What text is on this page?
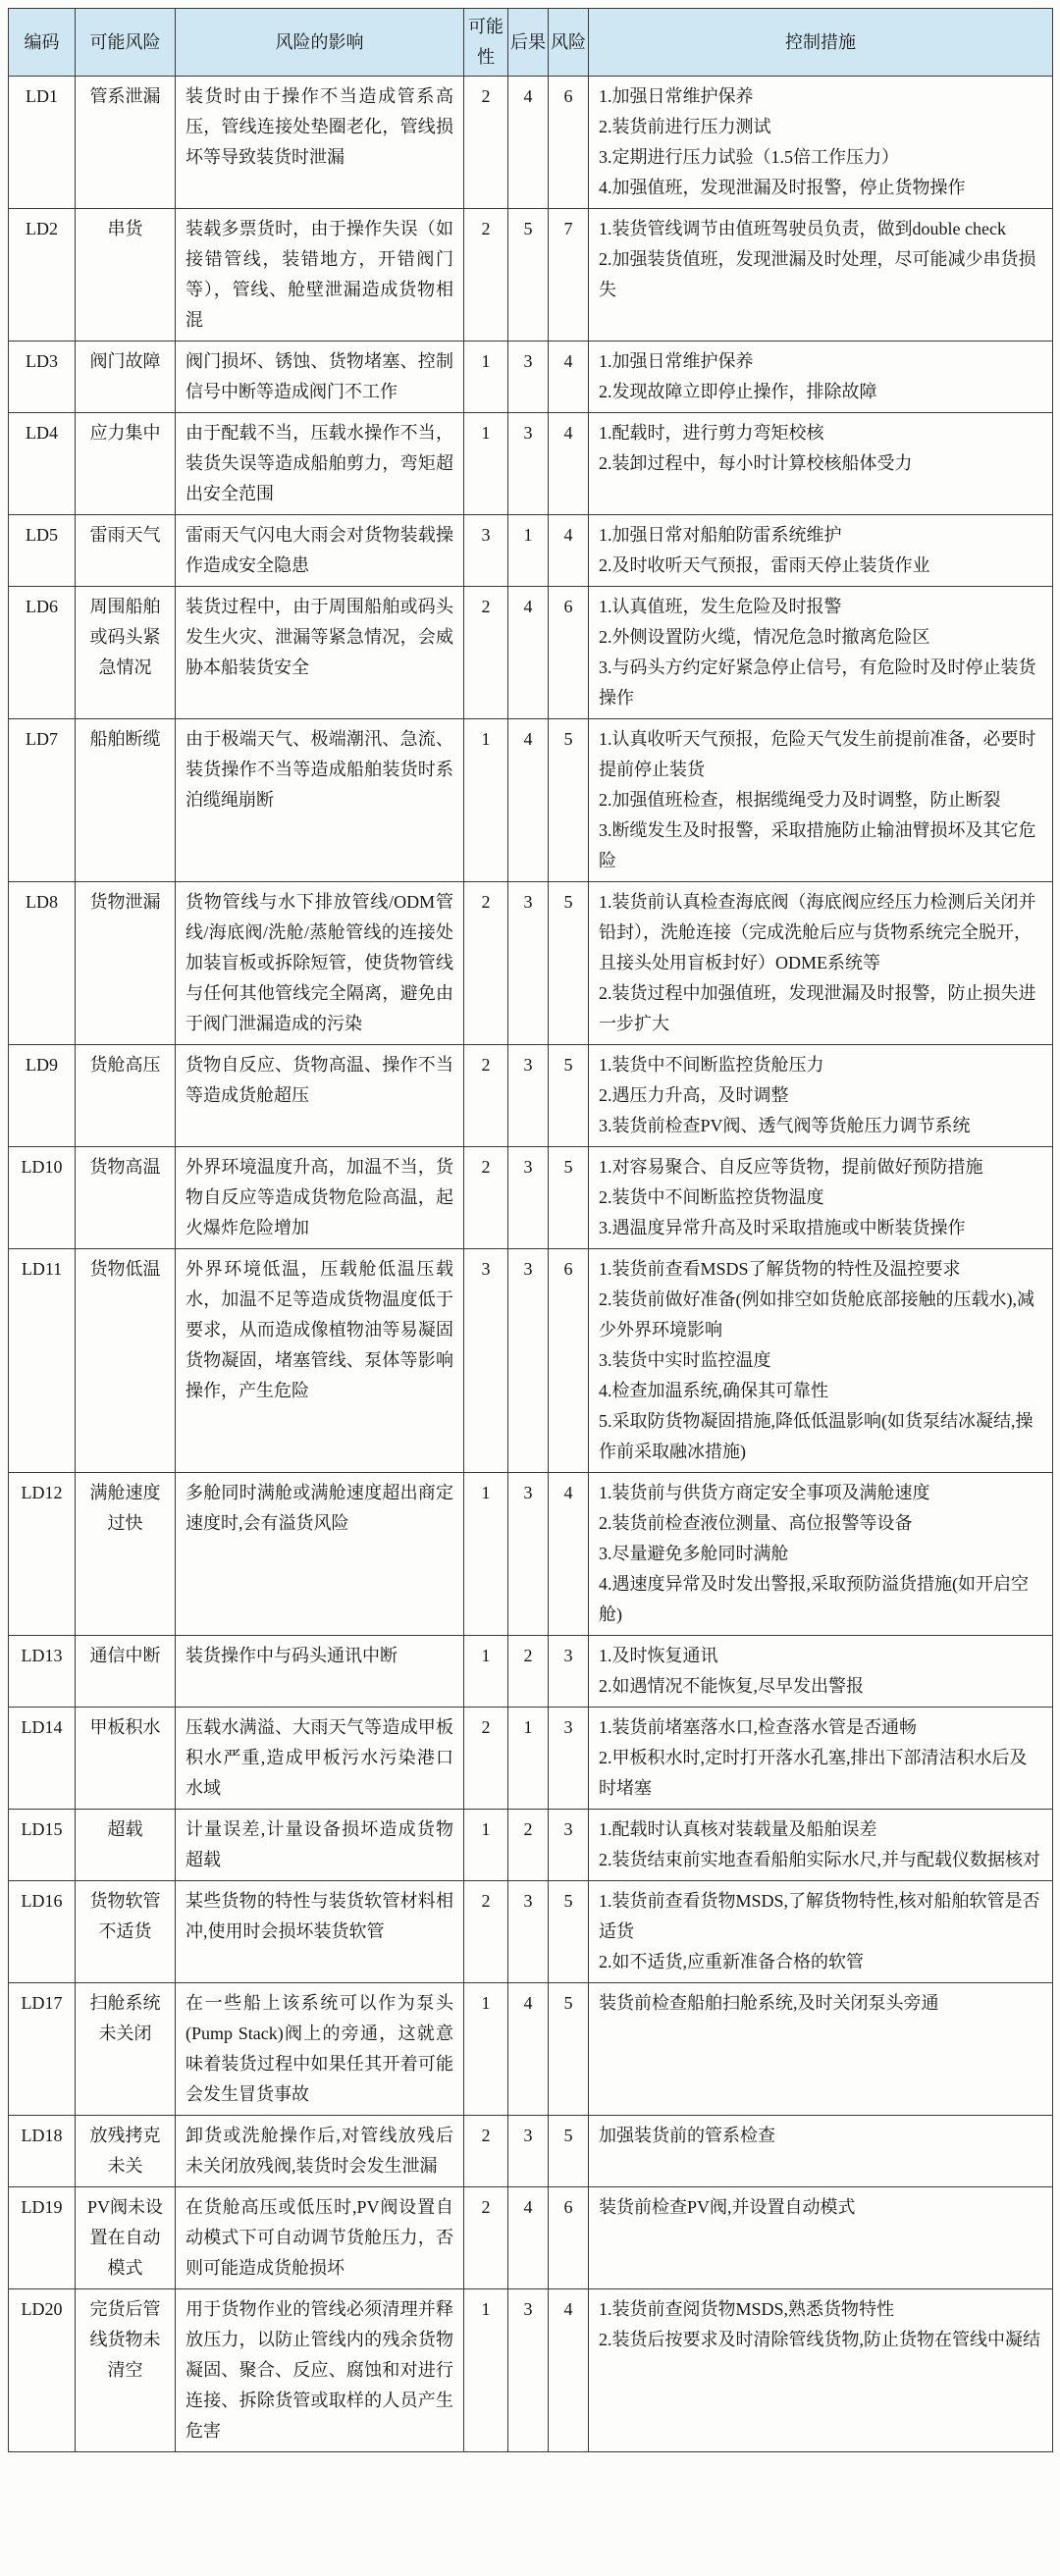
编码	可能风险	风险的影响	可能性	后果	风险	控制措施
LD1	管系泄漏	装货时由于操作不当造成管系高压，管线连接处垫圈老化，管线损坏等导致装货时泄漏	2	4	6	1.加强日常维护保养
2.装货前进行压力测试
3.定期进行压力试验（1.5倍工作压力）
4.加强值班，发现泄漏及时报警，停止货物操作

LD2	串货	装载多票货时，由于操作失误（如接错管线，装错地方，开错阀门等），管线、舱壁泄漏造成货物相混	2	5	7	1.装货管线调节由值班驾驶员负责，做到double check
2.加强装货值班，发现泄漏及时处理，尽可能减少串货损失

LD3	阀门故障	阀门损坏、锈蚀、货物堵塞、控制信号中断等造成阀门不工作	1	3	4	1.加强日常维护保养
2.发现故障立即停止操作，排除故障

LD4	应力集中	由于配载不当，压载水操作不当，装货失误等造成船舶剪力，弯矩超出安全范围	1	3	4	1.配载时，进行剪力弯矩校核
2.装卸过程中，每小时计算校核船体受力

LD5	雷雨天气	雷雨天气闪电大雨会对货物装载操作造成安全隐患	3	1	4	1.加强日常对船舶防雷系统维护
2.及时收听天气预报，雷雨天停止装货作业

LD6	周围船舶或码头紧急情况	装货过程中，由于周围船舶或码头发生火灾、泄漏等紧急情况，会威胁本船装货安全	2	4	6	1.认真值班，发生危险及时报警
2.外侧设置防火缆，情况危急时撤离危险区
3.与码头方约定好紧急停止信号，有危险时及时停止装货操作

LD7	船舶断缆	由于极端天气、极端潮汛、急流、装货操作不当等造成船舶装货时系泊缆绳崩断	1	4	5	1.认真收听天气预报，危险天气发生前提前准备，必要时提前停止装货
2.加强值班检查，根据缆绳受力及时调整，防止断裂
3.断缆发生及时报警，采取措施防止输油臂损坏及其它危险

LD8	货物泄漏	货物管线与水下排放管线/ODM管线/海底阀/洗舱/蒸舱管线的连接处加装盲板或拆除短管，使货物管线与任何其他管线完全隔离，避免由于阀门泄漏造成的污染	2	3	5	1.装货前认真检查海底阀（海底阀应经压力检测后关闭并铅封），洗舱连接（完成洗舱后应与货物系统完全脱开，且接头处用盲板封好）ODME系统等
2.装货过程中加强值班，发现泄漏及时报警，防止损失进一步扩大

LD9	货舱高压	货物自反应、货物高温、操作不当等造成货舱超压	2	3	5	1.装货中不间断监控货舱压力
2.遇压力升高，及时调整
3.装货前检查PV阀、透气阀等货舱压力调节系统

LD10	货物高温	外界环境温度升高，加温不当，货物自反应等造成货物危险高温，起火爆炸危险增加	2	3	5	1.对容易聚合、自反应等货物，提前做好预防措施
2.装货中不间断监控货物温度
3.遇温度异常升高及时采取措施或中断装货操作

LD11	货物低温	外界环境低温，压载舱低温压载水，加温不足等造成货物温度低于要求，从而造成像植物油等易凝固货物凝固，堵塞管线、泵体等影响操作，产生危险	3	3	6	1.装货前查看MSDS了解货物的特性及温控要求
2.装货前做好准备(例如排空如货舱底部接触的压载水),减少外界环境影响
3.装货中实时监控温度
4.检查加温系统,确保其可靠性
5.采取防货物凝固措施,降低低温影响(如货泵结冰凝结,操作前采取融冰措施)

LD12	满舱速度过快	多舱同时满舱或满舱速度超出商定速度时,会有溢货风险	1	3	4	1.装货前与供货方商定安全事项及满舱速度
2.装货前检查液位测量、高位报警等设备
3.尽量避免多舱同时满舱
4.遇速度异常及时发出警报,采取预防溢货措施(如开启空舱)

LD13	通信中断	装货操作中与码头通讯中断	1	2	3	1.及时恢复通讯
2.如遇情况不能恢复,尽早发出警报

LD14	甲板积水	压载水满溢、大雨天气等造成甲板积水严重,造成甲板污水污染港口水域	2	1	3	1.装货前堵塞落水口,检查落水管是否通畅
2.甲板积水时,定时打开落水孔塞,排出下部清洁积水后及时堵塞

LD15	超载	计量误差,计量设备损坏造成货物超载	1	2	3	1.配载时认真核对装载量及船舶误差
2.装货结束前实地查看船舶实际水尺,并与配载仪数据核对

LD16	货物软管不适货	某些货物的特性与装货软管材料相冲,使用时会损坏装货软管	2	3	5	1.装货前查看货物MSDS,了解货物特性,核对船舶软管是否适货
2.如不适货,应重新准备合格的软管

LD17	扫舱系统未关闭	在一些船上该系统可以作为泵头(Pump Stack)阀上的旁通，这就意味着装货过程中如果任其开着可能会发生冒货事故	1	4	5	装货前检查船舶扫舱系统,及时关闭泵头旁通

LD18	放残拷克未关	卸货或洗舱操作后,对管线放残后未关闭放残阀,装货时会发生泄漏	2	3	5	加强装货前的管系检查

LD19	PV阀未设置在自动模式	在货舱高压或低压时,PV阀设置自动模式下可自动调节货舱压力，否则可能造成货舱损坏	2	4	6	装货前检查PV阀,并设置自动模式

LD20	完货后管线货物未清空	用于货物作业的管线必须清理并释放压力，以防止管线内的残余货物凝固、聚合、反应、腐蚀和对进行连接、拆除货管或取样的人员产生危害	1	3	4	1.装货前查阅货物MSDS,熟悉货物特性
2.装货后按要求及时清除管线货物,防止货物在管线中凝结
